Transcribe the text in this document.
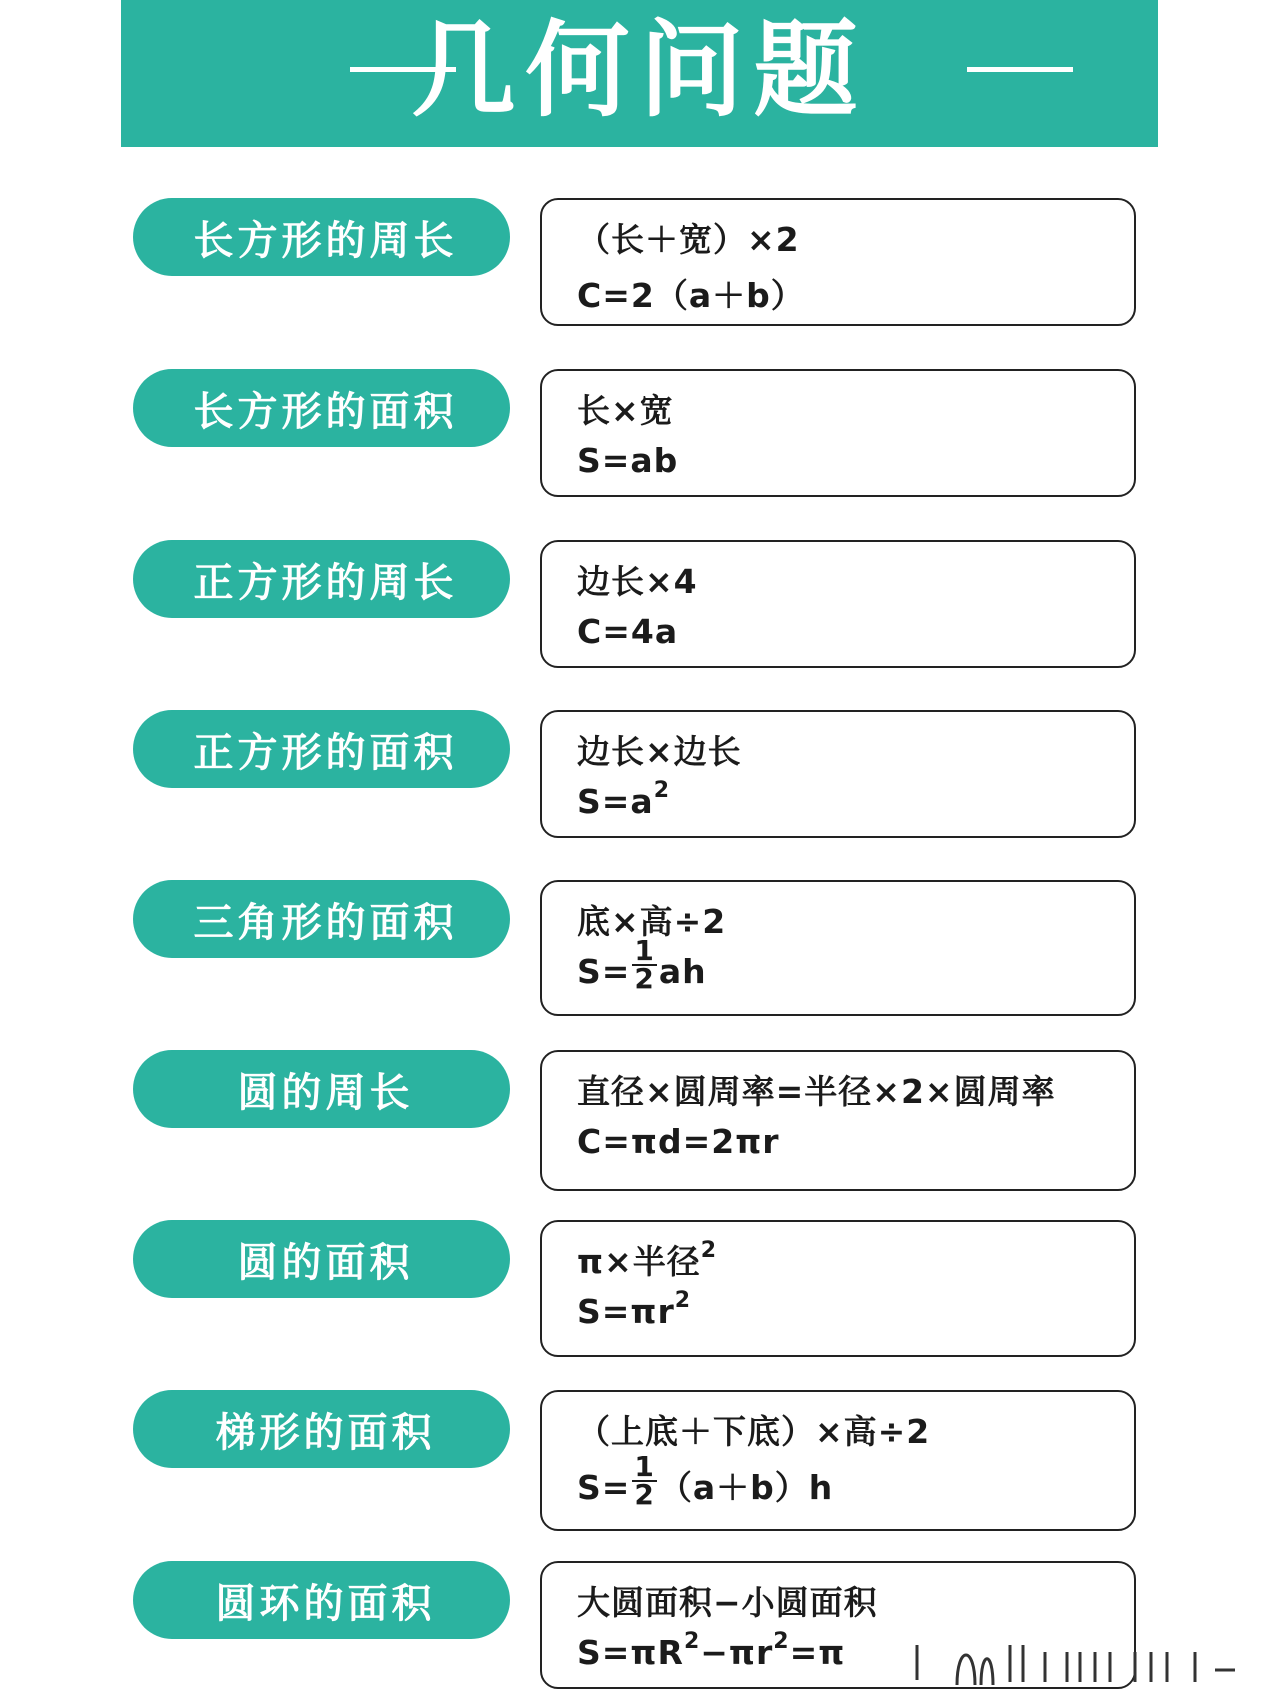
几何问题
长方形的周长	（长＋宽）×2
C=2（a＋b）
长方形的面积	长×宽
S=ab
正方形的周长	边长×4
C=4a
正方形的面积	边长×边长
$S=a^2$
三角形的面积	底×高÷2
$S= \frac{1}{2}$ ah
圆的周长	直径×圆周率=半径×2×圆周率
C=πd=2πr
圆的面积	π×半径$^2$
$S=\pi r^2$
梯形的面积	（上底＋下底）×高÷2
$S= \frac{1}{2} (a+b)h$
圆环的面积	大圆面积−小圆面积
$S=\pi R^2-\pi r^2=\pi$
